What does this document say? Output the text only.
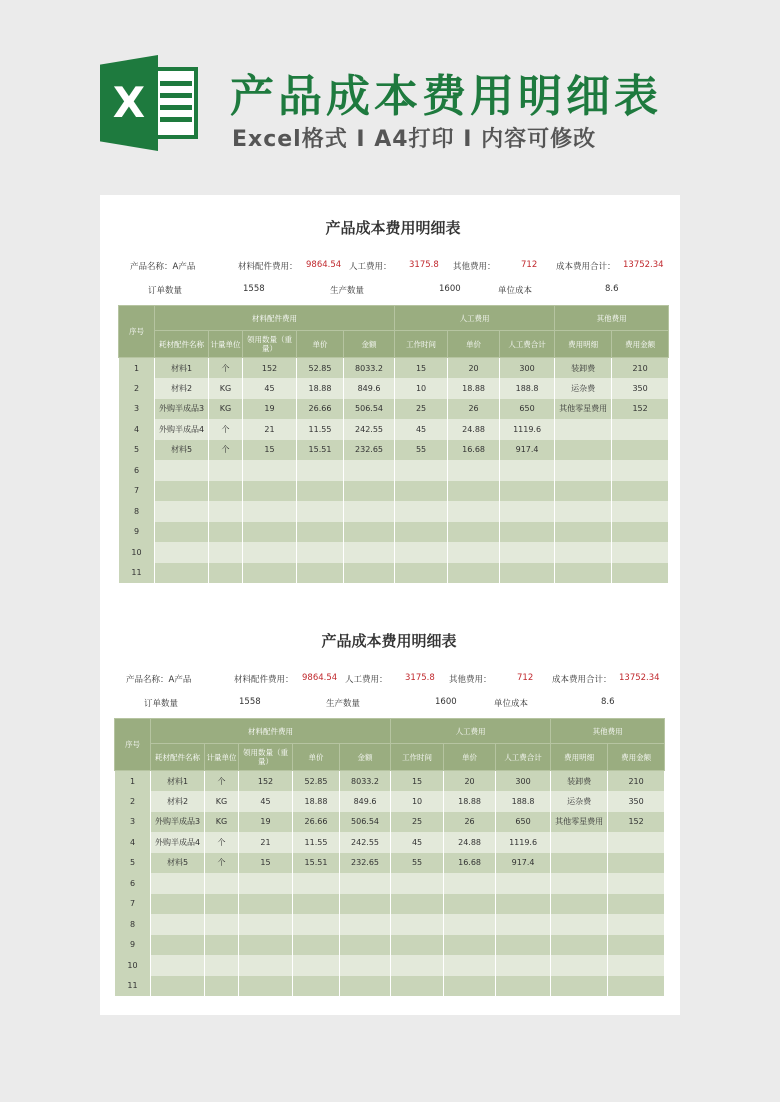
X 产品成本费用明细表
Excel格式 I A4打印 I 内容可修改
产品成本费用明细表
产品名称：A产品	材料配件费用： 9864.54 人工费用： 3175.8 其他费用：	712 成本费用合计： 13752.34
订单数量	1558	生产数量	1600	单位成本	8.6
序号	材料配件费用					人工费用			其他费用	
	耗材配件名称	计量单位	领用数量（重量）	单价	金额	工作时间	单价	人工费合计	费用明细	费用金额
1	材料1	个	152	52.85	8033.2	15	20	300	装卸费	210
2	材料2	KG	45	18.88	849.6	10	18.88	188.8	运杂费	350
3	外购半成品3	KG	19	26.66	506.54	25	26	650	其他零星费用	152
4	外购半成品4	个	21	11.55	242.55	45	24.88	1119.6		
5	材料5	个	15	15.51	232.65	55	16.68	917.4		
6										
7										
8										
9										
10										
11										
产品成本费用明细表
产品名称：A产品	材料配件费用： 9864.54 人工费用： 3175.8 其他费用：	712 成本费用合计： 13752.34
订单数量	1558	生产数量	1600	单位成本	8.6
序号	材料配件费用					人工费用			其他费用	
	耗材配件名称	计量单位	领用数量（重量）	单价	金额	工作时间	单价	人工费合计	费用明细	费用金额
1	材料1	个	152	52.85	8033.2	15	20	300	装卸费	210
2	材料2	KG	45	18.88	849.6	10	18.88	188.8	运杂费	350
3	外购半成品3	KG	19	26.66	506.54	25	26	650	其他零星费用	152
4	外购半成品4	个	21	11.55	242.55	45	24.88	1119.6		
5	材料5	个	15	15.51	232.65	55	16.68	917.4		
6										
7										
8										
9										
10										
11										
